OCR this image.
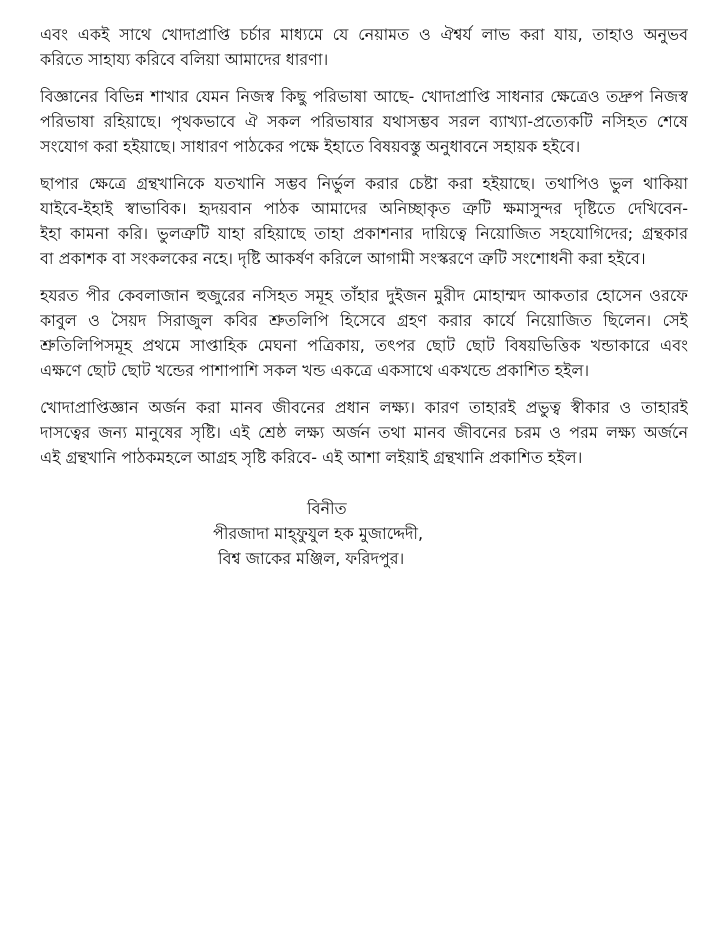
এবং একই সাথে খোদাপ্রাপ্তি চর্চার মাধ্যমে যে নেয়ামত ও ঐশ্বর্য লাভ করা যায়, তাহাও অনুভব
করিতে সাহায্য করিবে বলিয়া আমাদের ধারণা।
বিজ্ঞানের বিভিন্ন শাখার যেমন নিজস্ব কিছু পরিভাষা আছে- খোদাপ্রাপ্তি সাধনার ক্ষেত্রেও তদ্রুপ নিজস্ব
পরিভাষা রহিয়াছে। পৃথকভাবে ঐ সকল পরিভাষার যথাসম্ভব সরল ব্যাখ্যা-প্রত্যেকটি নসিহত শেষে
সংযোগ করা হইয়াছে। সাধারণ পাঠকের পক্ষে ইহাতে বিষয়বস্তু অনুধাবনে সহায়ক হইবে।
ছাপার ক্ষেত্রে গ্রন্থখানিকে যতখানি সম্ভব নির্ভুল করার চেষ্টা করা হইয়াছে। তথাপিও ভুল থাকিয়া
যাইবে-ইহাই স্বাভাবিক। হৃদয়বান পাঠক আমাদের অনিচ্ছাকৃত ত্রুটি ক্ষমাসুন্দর দৃষ্টিতে দেখিবেন-
ইহা কামনা করি। ভুলত্রুটি যাহা রহিয়াছে তাহা প্রকাশনার দায়িত্বে নিয়োজিত সহযোগিদের; গ্রন্থকার
বা প্রকাশক বা সংকলকের নহে। দৃষ্টি আকর্ষণ করিলে আগামী সংস্করণে ত্রুটি সংশোধনী করা হইবে।
হযরত পীর কেবলাজান হুজুরের নসিহত সমূহ তাঁহার দুইজন মুরীদ মোহাম্মদ আকতার হোসেন ওরফে
কাবুল ও সৈয়দ সিরাজুল কবির শ্রুতলিপি হিসেবে গ্রহণ করার কার্যে নিয়োজিত ছিলেন। সেই
শ্রুতিলিপিসমূহ প্রথমে সাপ্তাহিক মেঘনা পত্রিকায়, তৎপর ছোট ছোট বিষয়ভিত্তিক খন্ডাকারে এবং
এক্ষণে ছোট ছোট খন্ডের পাশাপাশি সকল খন্ড একত্রে একসাথে একখন্ডে প্রকাশিত হইল।
খোদাপ্রাপ্তিজ্ঞান অর্জন করা মানব জীবনের প্রধান লক্ষ্য। কারণ তাহারই প্রভুত্ব স্বীকার ও তাহারই
দাসত্বের জন্য মানুষের সৃষ্টি। এই শ্রেষ্ঠ লক্ষ্য অর্জন তথা মানব জীবনের চরম ও পরম লক্ষ্য অর্জনে
এই গ্রন্থখানি পাঠকমহলে আগ্রহ সৃষ্টি করিবে- এই আশা লইয়াই গ্রন্থখানি প্রকাশিত হইল।
বিনীত
পীরজাদা মাহ্ফুযুল হক মুজাদ্দেদী,
বিশ্ব জাকের মঞ্জিল, ফরিদপুর।
